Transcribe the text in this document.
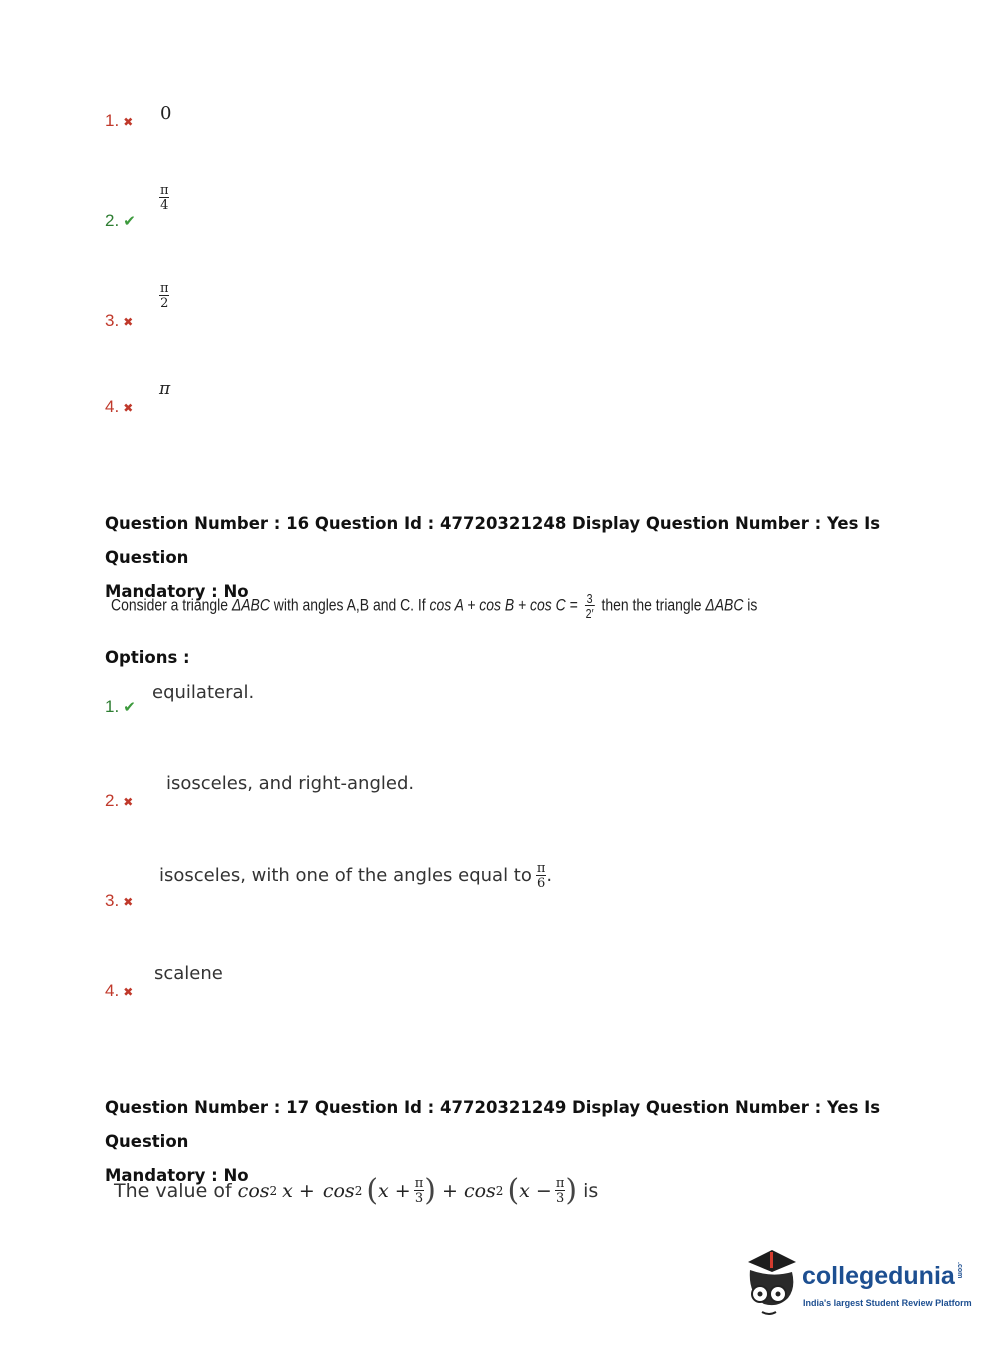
1. ✖ 0
2. ✔
$\frac{\pi}{4}$
3. ✖
$\frac{\pi}{2}$
4. ✖
π
Question Number : 16 Question Id : 47720321248 Display Question Number : Yes Is Question
Mandatory : No
Consider a triangle ΔABC with angles A,B and C. If $\cos A + \cos B + \cos C = \frac{3}{2'}$ then the triangle ΔABC is
Options :
1. ✔
equilateral.
2. ✖
isosceles, and right-angled.
3. ✖
isosceles, with one of the angles equal to $\frac{\pi}{6}$ .
4. ✖
scalene
Question Number : 17 Question Id : 47720321249 Display Question Number : Yes Is Question
Mandatory : No
The value of cos 2 x + cos 2 ( $x + \frac{\pi}{3}$ ) + cos 2 ( $x - \frac{\pi}{3}$ ) is
collegedunia.com
India's largest Student Review Platform
